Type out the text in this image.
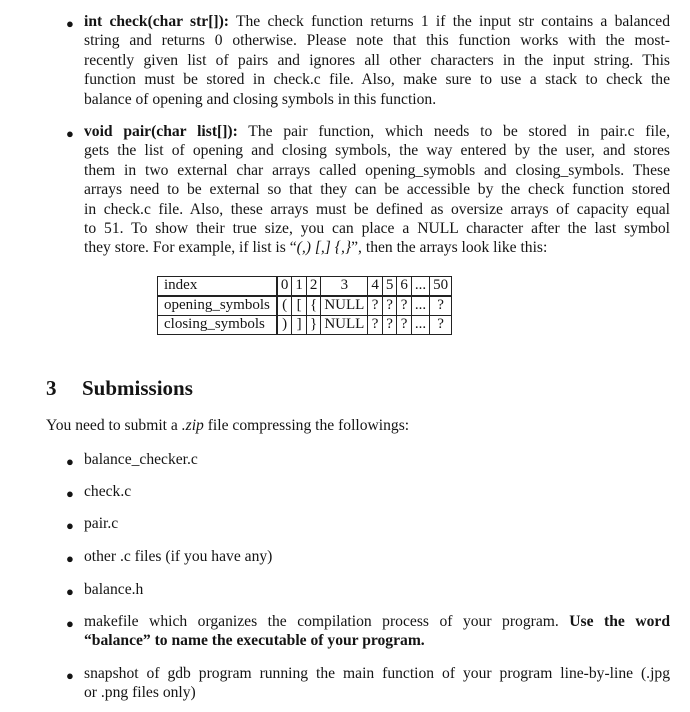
● int check(char str[]): The check function returns 1 if the input str contains a balanced
string and returns 0 otherwise. Please note that this function works with the most-
recently given list of pairs and ignores all other characters in the input string. This
function must be stored in check.c file. Also, make sure to use a stack to check the
balance of opening and closing symbols in this function.
● void pair(char list[]): The pair function, which needs to be stored in pair.c file,
gets the list of opening and closing symbols, the way entered by the user, and stores
them in two external char arrays called opening_symobls and closing_symbols. These
arrays need to be external so that they can be accessible by the check function stored
in check.c file. Also, these arrays must be defined as oversize arrays of capacity equal
to 51. To show their true size, you can place a NULL character after the last symbol
they store. For example, if list is “(,) [,] {,}”, then the arrays look like this:
index	0	1	2	3	4	5	6	...	50
opening_symbols	(	[	{	NULL	?	?	?	...	?
closing_symbols	)	]	}	NULL	?	?	?	...	?
3 Submissions
You need to submit a .zip file compressing the followings:
● balance_checker.c
● check.c
● pair.c
● other .c files (if you have any)
● balance.h
● makefile which organizes the compilation process of your program. Use the word
“balance” to name the executable of your program.
● snapshot of gdb program running the main function of your program line-by-line (.jpg
or .png files only)
